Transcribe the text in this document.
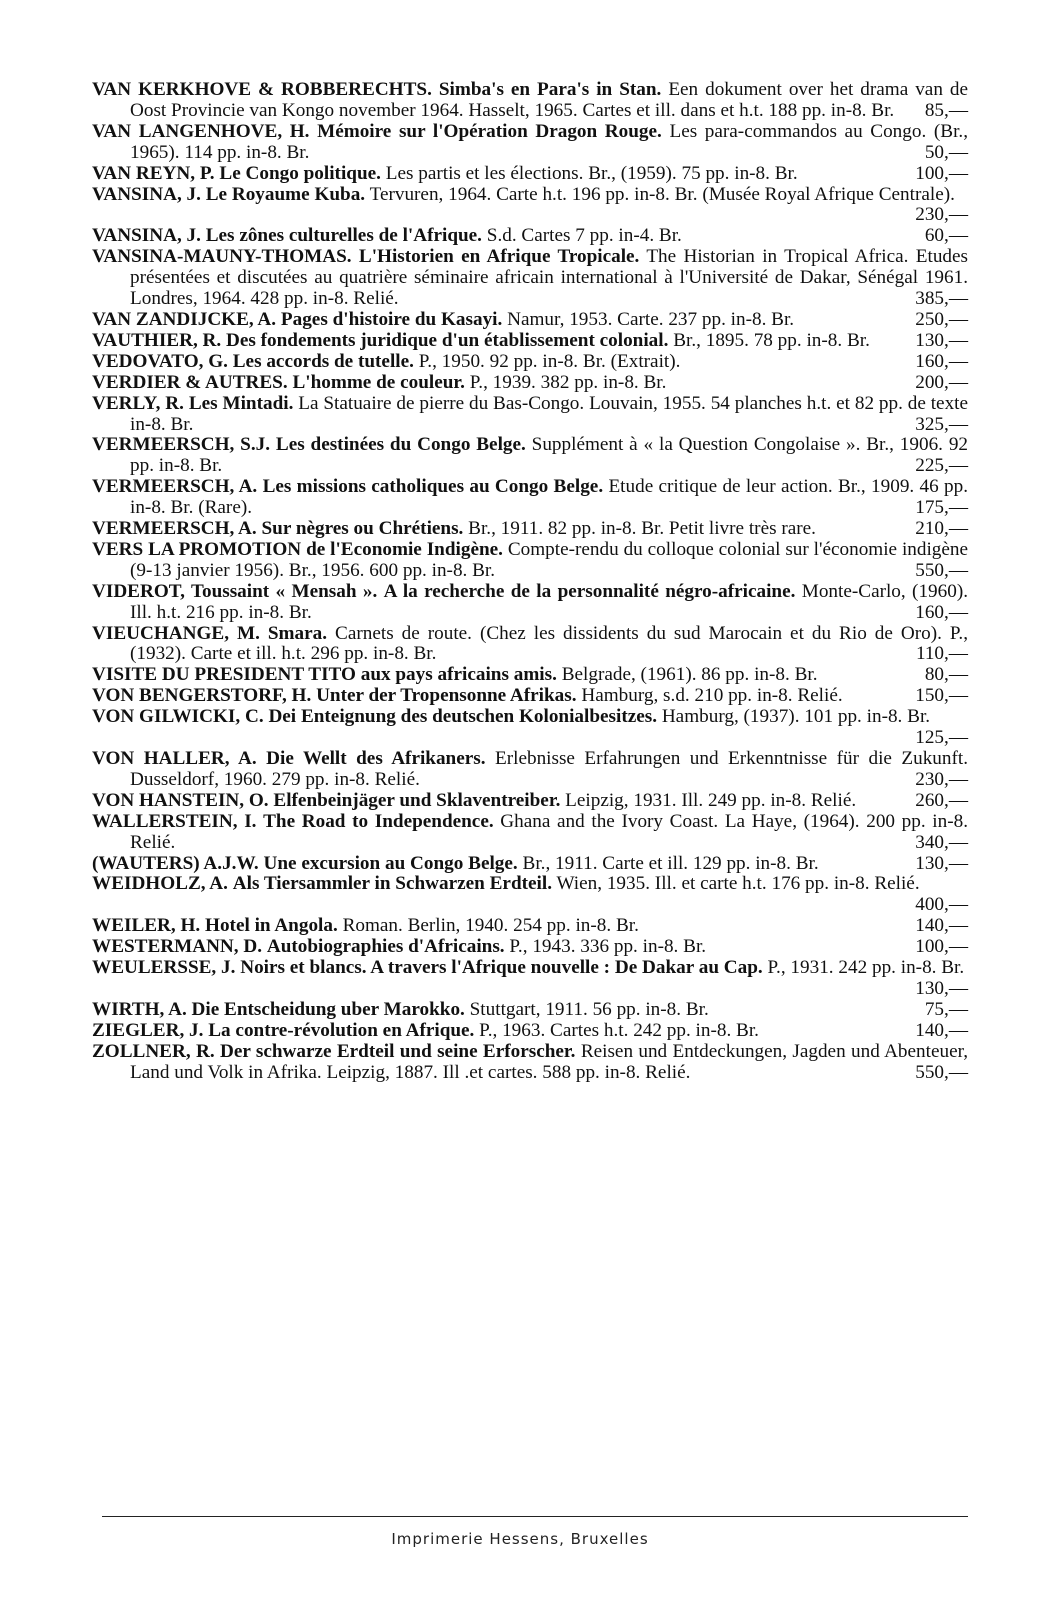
VAN KERKHOVE & ROBBERECHTS. Simba's en Para's in Stan. Een dokument over het drama van de Oost Provincie van Kongo november 1964. Hasselt, 1965. Cartes et ill. dans et h.t. 188 pp. in-8. Br. 85,—

VAN LANGENHOVE, H. Mémoire sur l'Opération Dragon Rouge. Les para-commandos au Congo. (Br., 1965). 114 pp. in-8. Br.	50,—

VAN REYN, P. Le Congo politique. Les partis et les élections. Br., (1959). 75 pp. in-8. Br.	100,—

VANSINA, J. Le Royaume Kuba. Tervuren, 1964. Carte h.t. 196 pp. in-8. Br. (Musée Royal Afrique Centrale).
230,—

VANSINA, J. Les zônes culturelles de l'Afrique. S.d. Cartes 7 pp. in-4. Br.	60,—

VANSINA-MAUNY-THOMAS. L'Historien en Afrique Tropicale. The Historian in Tropical Africa. Etudes présentées et discutées au quatrière séminaire africain international à l'Université de Dakar, Sénégal 1961. Londres, 1964. 428 pp. in-8. Relié.	385,—

VAN ZANDIJCKE, A. Pages d'histoire du Kasayi. Namur, 1953. Carte. 237 pp. in-8. Br.	250,—

VAUTHIER, R. Des fondements juridique d'un établissement colonial. Br., 1895. 78 pp. in-8. Br. 130,—

VEDOVATO, G. Les accords de tutelle. P., 1950. 92 pp. in-8. Br. (Extrait).	160,—

VERDIER & AUTRES. L'homme de couleur. P., 1939. 382 pp. in-8. Br.	200,—

VERLY, R. Les Mintadi. La Statuaire de pierre du Bas-Congo. Louvain, 1955. 54 planches h.t. et 82 pp. de texte in-8. Br.	325,—

VERMEERSCH, S.J. Les destinées du Congo Belge. Supplément à « la Question Congolaise ». Br., 1906. 92 pp. in-8. Br.	225,—

VERMEERSCH, A. Les missions catholiques au Congo Belge. Etude critique de leur action. Br., 1909. 46 pp. in-8. Br. (Rare).	175,—

VERMEERSCH, A. Sur nègres ou Chrétiens. Br., 1911. 82 pp. in-8. Br. Petit livre très rare.	210,—

VERS LA PROMOTION de l'Economie Indigène. Compte-rendu du colloque colonial sur l'économie indigène (9-13 janvier 1956). Br., 1956. 600 pp. in-8. Br.	550,—

VIDEROT, Toussaint « Mensah ». A la recherche de la personnalité négro-africaine. Monte-Carlo, (1960). Ill. h.t. 216 pp. in-8. Br.	160,—

VIEUCHANGE, M. Smara. Carnets de route. (Chez les dissidents du sud Marocain et du Rio de Oro). P., (1932). Carte et ill. h.t. 296 pp. in-8. Br.	110,—

VISITE DU PRESIDENT TITO aux pays africains amis. Belgrade, (1961). 86 pp. in-8. Br.	80,—

VON BENGERSTORF, H. Unter der Tropensonne Afrikas. Hamburg, s.d. 210 pp. in-8. Relié.	150,—

VON GILWICKI, C. Dei Enteignung des deutschen Kolonialbesitzes. Hamburg, (1937). 101 pp. in-8. Br.
125,—

VON HALLER, A. Die Wellt des Afrikaners. Erlebnisse Erfahrungen und Erkenntnisse für die Zukunft. Dusseldorf, 1960. 279 pp. in-8. Relié.	230,—

VON HANSTEIN, O. Elfenbeinjäger und Sklaventreiber. Leipzig, 1931. Ill. 249 pp. in-8. Relié.	260,—

WALLERSTEIN, I. The Road to Independence. Ghana and the Ivory Coast. La Haye, (1964). 200 pp. in-8. Relié.	340,—

(WAUTERS) A.J.W. Une excursion au Congo Belge. Br., 1911. Carte et ill. 129 pp. in-8. Br.	130,—

WEIDHOLZ, A. Als Tiersammler in Schwarzen Erdteil. Wien, 1935. Ill. et carte h.t. 176 pp. in-8. Relié.
400,—

WEILER, H. Hotel in Angola. Roman. Berlin, 1940. 254 pp. in-8. Br.	140,—

WESTERMANN, D. Autobiographies d'Africains. P., 1943. 336 pp. in-8. Br.	100,—

WEULERSSE, J. Noirs et blancs. A travers l'Afrique nouvelle : De Dakar au Cap. P., 1931. 242 pp. in-8. Br.
130,—

WIRTH, A. Die Entscheidung uber Marokko. Stuttgart, 1911. 56 pp. in-8. Br.	75,—

ZIEGLER, J. La contre-révolution en Afrique. P., 1963. Cartes h.t. 242 pp. in-8. Br.	140,—

ZOLLNER, R. Der schwarze Erdteil und seine Erforscher. Reisen und Entdeckungen, Jagden und Abenteuer, Land und Volk in Afrika. Leipzig, 1887. Ill .et cartes. 588 pp. in-8. Relié.	550,—

Imprimerie Hessens, Bruxelles
